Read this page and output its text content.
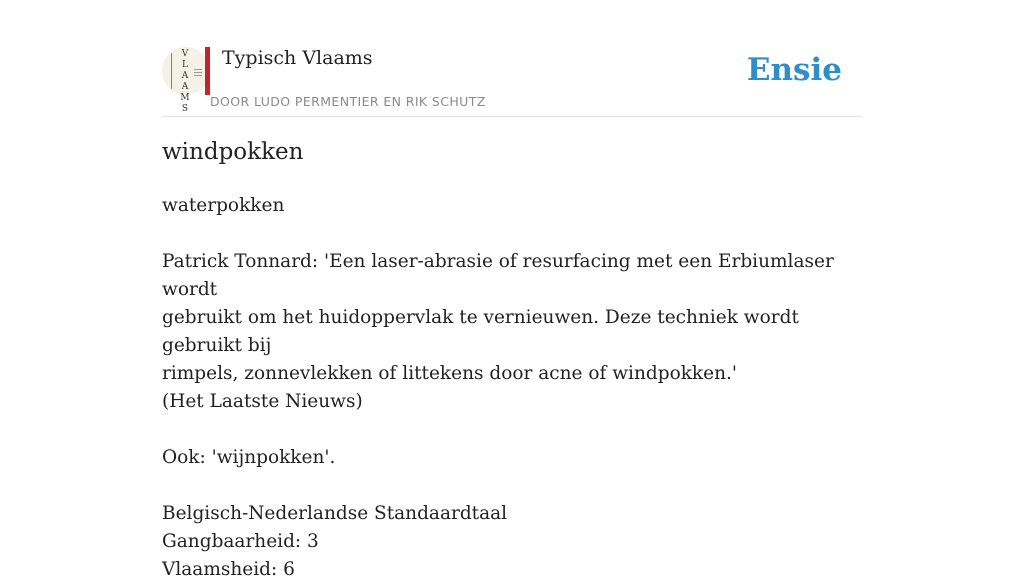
V
L
A
A
M
S
Typisch Vlaams
DOOR LUDO PERMENTIER EN RIK SCHUTZ
Ensie
windpokken

waterpokken

Patrick Tonnard: 'Een laser-abrasie of resurfacing met een Erbiumlaser wordt

gebruikt om het huidoppervlak te vernieuwen. Deze techniek wordt gebruikt bij

rimpels, zonnevlekken of littekens door acne of windpokken.'

(Het Laatste Nieuws)

Ook: 'wijnpokken'.

Belgisch-Nederlandse Standaardtaal

Gangbaarheid: 3

Vlaamsheid: 6
